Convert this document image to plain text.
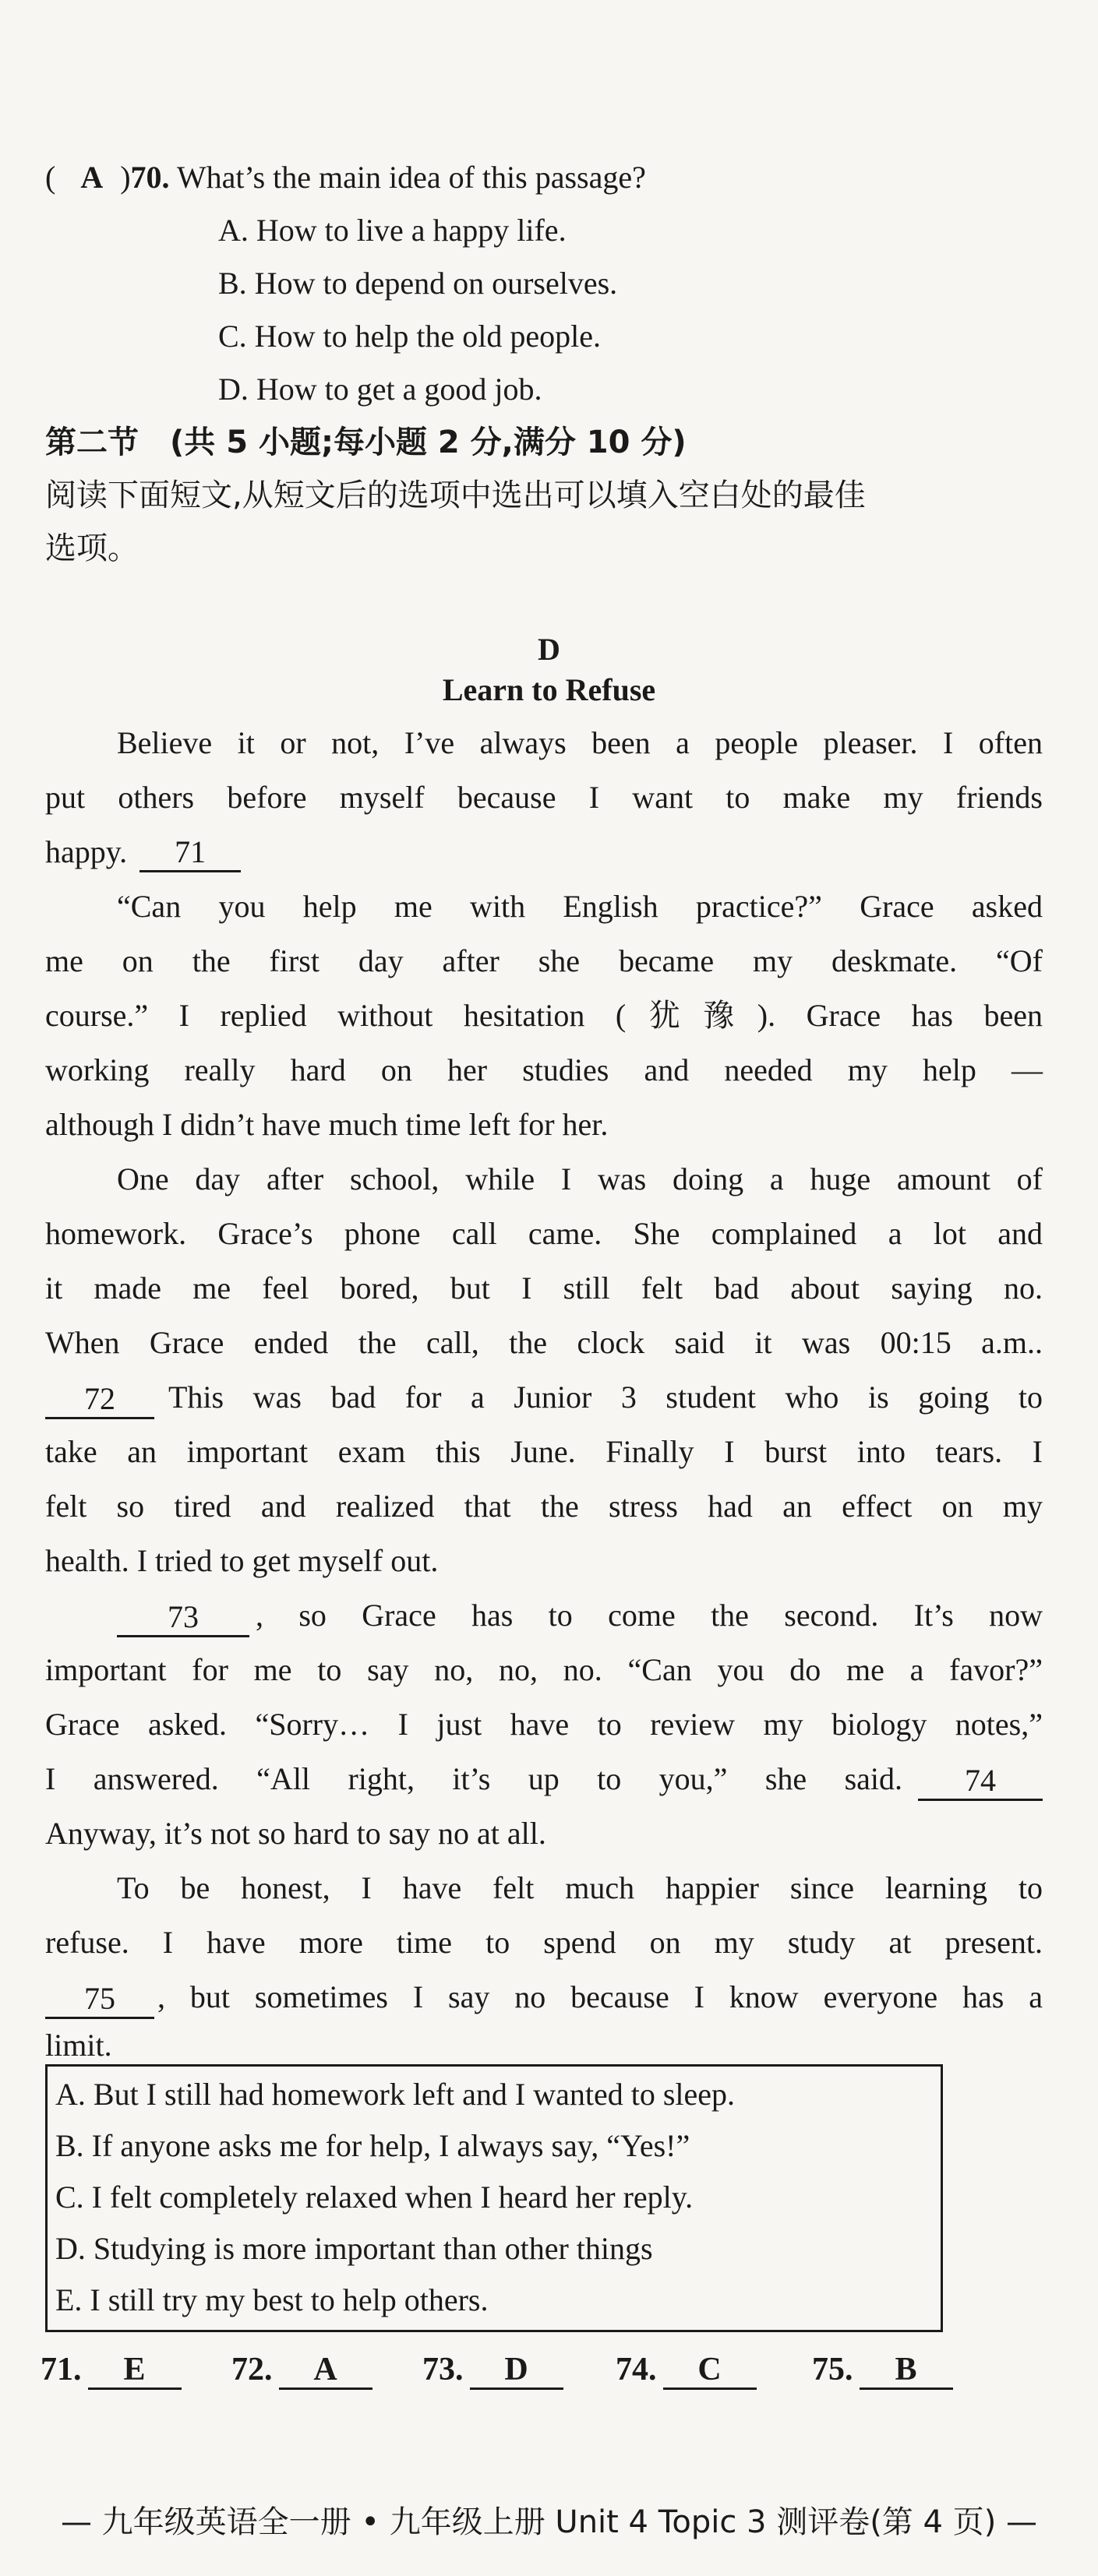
( A )70. What’s the main idea of this passage?
A. How to live a happy life.
B. How to depend on ourselves.
C. How to help the old people.
D. How to get a good job.
第二节　(共 5 小题;每小题 2 分,满分 10 分)
阅读下面短文,从短文后的选项中选出可以填入空白处的最佳
选项。
D
Learn to Refuse
Believe it or not, I’ve always been a people pleaser. I often
put others before myself because I want to make my friends
happy. 71
“Can you help me with English practice?” Grace asked
me on the first day after she became my deskmate. “Of
course.” I replied without hesitation (犹豫). Grace has been
working really hard on her studies and needed my help —
although I didn’t have much time left for her.
One day after school, while I was doing a huge amount of
homework. Grace’s phone call came. She complained a lot and
it made me feel bored, but I still felt bad about saying no.
When Grace ended the call, the clock said it was 00:15 a.m..
72	This was bad for a Junior 3 student who is going to
take an important exam this June. Finally I burst into tears. I
felt so tired and realized that the stress had an effect on my
health. I tried to get myself out.
73	, so Grace has to come the second. It’s now
important for me to say no, no, no. “Can you do me a favor?”
Grace asked. “Sorry… I just have to review my biology notes,”
I answered. “All right, it’s up to you,” she said.	74
Anyway, it’s not so hard to say no at all.
To be honest, I have felt much happier since learning to
refuse. I have more time to spend on my study at present.
75	, but sometimes I say no because I know everyone has a
limit.
A. But I still had homework left and I wanted to sleep.
B. If anyone asks me for help, I always say, “Yes!”
C. I felt completely relaxed when I heard her reply.
D. Studying is more important than other things
E. I still try my best to help others.
71. E	72. A	73. D	74. C	75. B
— 九年级英语全一册 • 九年级上册 Unit 4 Topic 3 测评卷(第 4 页) —
